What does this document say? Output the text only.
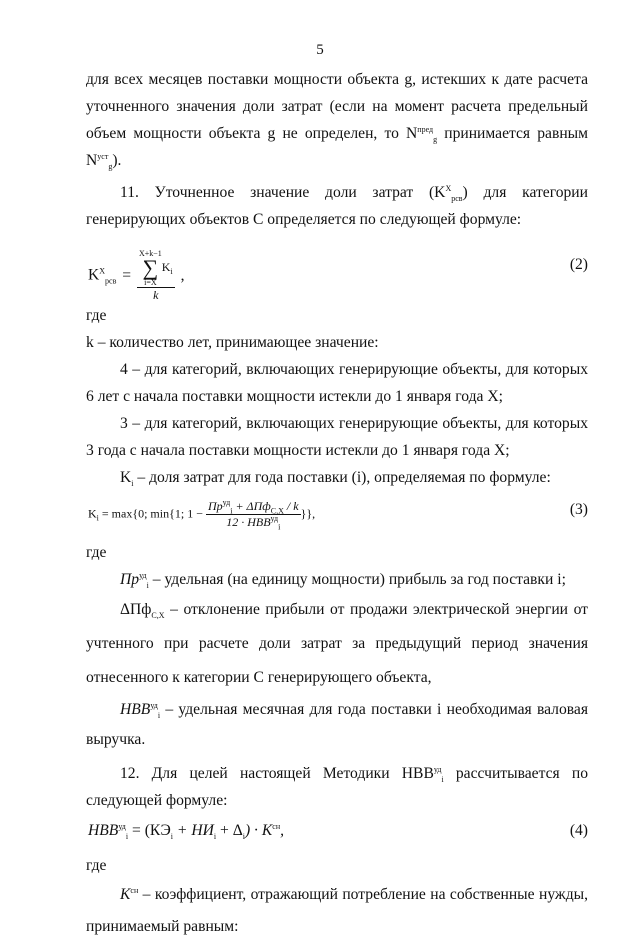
5

для всех месяцев поставки мощности объекта g, истекших к дате расчета уточненного значения доли затрат (если на момент расчета предельный объем мощности объекта g не определен, то $N^{пред}_g$ принимается равным $N^{уст}_g$).

11. Уточненное значение доли затрат $(K^X_{рсв})$ для категории генерирующих объектов C определяется по следующей формуле:

$K^X_{рсв} = X+k-1$
∑
i=X
$K_i$
k ,
(2)

где

k – количество лет, принимающее значение:

4 – для категорий, включающих генерирующие объекты, для которых 6 лет с начала поставки мощности истекли до 1 января года Х;

3 – для категорий, включающих генерирующие объекты, для которых 3 года с начала поставки мощности истекли до 1 января года Х;

$K_i$ – доля затрат для года поставки (i), определяемая по формуле:

$K_i = \max\{0$; min{1; $1 - \frac{Пр^{уд}_i + \Delta Пф_{C,X} / k}{12 \cdot НВВ^{уд}_i}$ }},	(3)

где

$Пр^{уд}_i$ – удельная (на единицу мощности) прибыль за год поставки i;

ΔПф$_{C,X}$ – отклонение прибыли от продажи электрической энергии от учтенного при расчете доли затрат за предыдущий период значения отнесенного к категории C генерирующего объекта,

$НВВ^{уд}_i$ – удельная месячная для года поставки i необходимая валовая выручка.

12. Для целей настоящей Методики $НВВ^{уд}_i$ рассчитывается по следующей формуле:

$НВВ^{уд}_i = (КЭ_i + НИ_i + \Delta_i) \cdot K^{сн}$,	(4)

где

$K^{сн}$ – коэффициент, отражающий потребление на собственные нужды, принимаемый равным:
